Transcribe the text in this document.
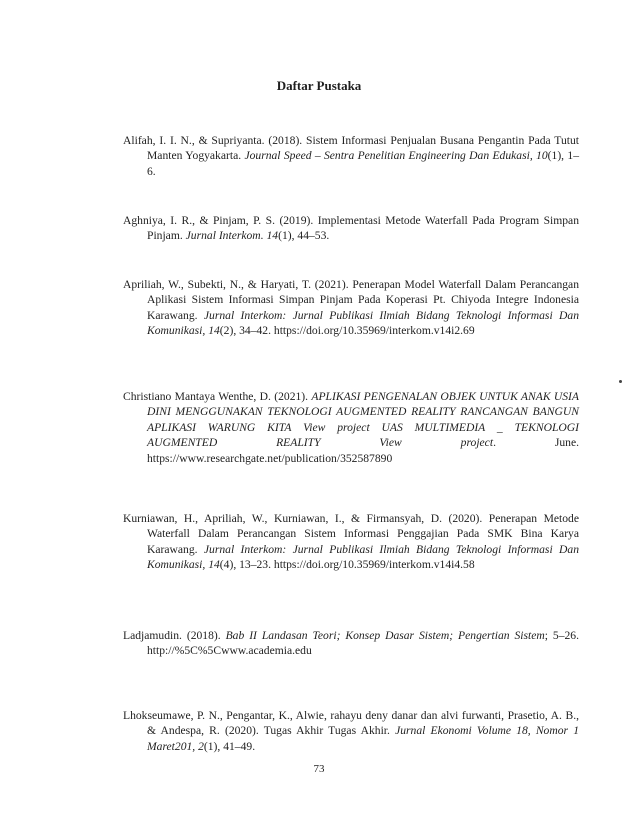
Daftar Pustaka

Alifah, I. I. N., & Supriyanta. (2018). Sistem Informasi Penjualan Busana Pengantin Pada Tutut Manten Yogyakarta. Journal Speed – Sentra Penelitian Engineering Dan Edukasi, 10(1), 1–6.

Aghniya, I. R., & Pinjam, P. S. (2019). Implementasi Metode Waterfall Pada Program Simpan Pinjam. Jurnal Interkom. 14(1), 44–53.

Apriliah, W., Subekti, N., & Haryati, T. (2021). Penerapan Model Waterfall Dalam Perancangan Aplikasi Sistem Informasi Simpan Pinjam Pada Koperasi Pt. Chiyoda Integre Indonesia Karawang. Jurnal Interkom: Jurnal Publikasi Ilmiah Bidang Teknologi Informasi Dan Komunikasi, 14(2), 34–42. https://doi.org/10.35969/interkom.v14i2.69

Christiano Mantaya Wenthe, D. (2021). APLIKASI PENGENALAN OBJEK UNTUK ANAK USIA DINI MENGGUNAKAN TEKNOLOGI AUGMENTED REALITY RANCANGAN BANGUN APLIKASI WARUNG KITA View project UAS MULTIMEDIA _ TEKNOLOGI AUGMENTED REALITY View project. June. https://www.researchgate.net/publication/352587890

Kurniawan, H., Apriliah, W., Kurniawan, I., & Firmansyah, D. (2020). Penerapan Metode Waterfall Dalam Perancangan Sistem Informasi Penggajian Pada SMK Bina Karya Karawang. Jurnal Interkom: Jurnal Publikasi Ilmiah Bidang Teknologi Informasi Dan Komunikasi, 14(4), 13–23. https://doi.org/10.35969/interkom.v14i4.58

Ladjamudin. (2018). Bab II Landasan Teori; Konsep Dasar Sistem; Pengertian Sistem; 5–26. http://%5C%5Cwww.academia.edu

Lhokseumawe, P. N., Pengantar, K., Alwie, rahayu deny danar dan alvi furwanti, Prasetio, A. B., & Andespa, R. (2020). Tugas Akhir Tugas Akhir. Jurnal Ekonomi Volume 18, Nomor 1 Maret201, 2(1), 41–49.

73
